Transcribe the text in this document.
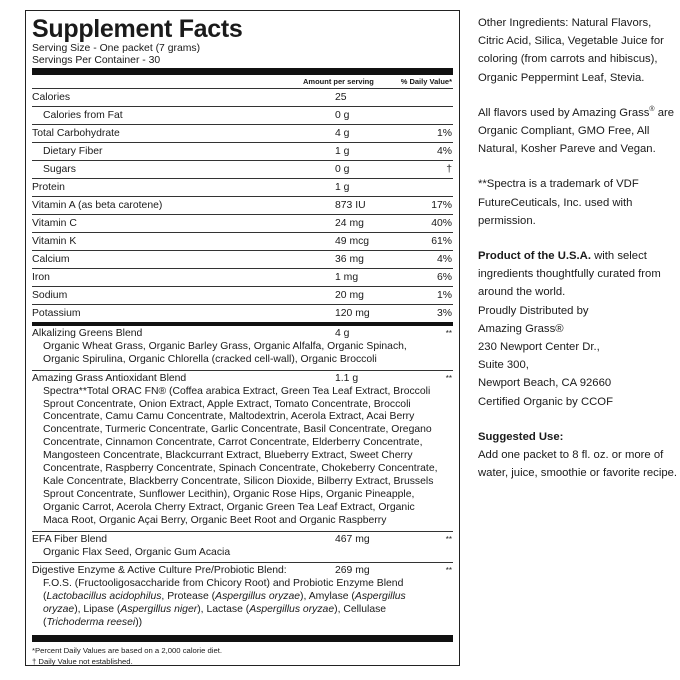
Supplement Facts
Serving Size - One packet (7 grams)
Servings Per Container - 30
Amount per serving	% Daily Value*
Calories	25
Calories from Fat	0 g
Total Carbohydrate	4 g	1%
Dietary Fiber	1 g	4%
Sugars	0 g	†
Protein	1 g
Vitamin A (as beta carotene)	873 IU	17%
Vitamin C	24 mg	40%
Vitamin K	49 mcg	61%
Calcium	36 mg	4%
Iron	1 mg	6%
Sodium	20 mg	1%
Potassium	120 mg	3%
Alkalizing Greens Blend	4 g	**
Organic Wheat Grass, Organic Barley Grass, Organic Alfalfa, Organic Spinach,
Organic Spirulina, Organic Chlorella (cracked cell-wall), Organic Broccoli
Amazing Grass Antioxidant Blend	1.1 g	**
Spectra**Total ORAC FN® (Coffea arabica Extract, Green Tea Leaf Extract, Broccoli
Sprout Concentrate, Onion Extract, Apple Extract, Tomato Concentrate, Broccoli
Concentrate, Camu Camu Concentrate, Maltodextrin, Acerola Extract, Acai Berry
Concentrate, Turmeric Concentrate, Garlic Concentrate, Basil Concentrate, Oregano
Concentrate, Cinnamon Concentrate, Carrot Concentrate, Elderberry Concentrate,
Mangosteen Concentrate, Blackcurrant Extract, Blueberry Extract, Sweet Cherry
Concentrate, Raspberry Concentrate, Spinach Concentrate, Chokeberry Concentrate,
Kale Concentrate, Blackberry Concentrate, Silicon Dioxide, Bilberry Extract, Brussels
Sprout Concentrate, Sunflower Lecithin), Organic Rose Hips, Organic Pineapple,
Organic Carrot, Acerola Cherry Extract, Organic Green Tea Leaf Extract, Organic
Maca Root, Organic Açai Berry, Organic Beet Root and Organic Raspberry
EFA Fiber Blend	467 mg	**
Organic Flax Seed, Organic Gum Acacia
Digestive Enzyme & Active Culture Pre/Probiotic Blend:	269 mg	**
F.O.S. (Fructooligosaccharide from Chicory Root) and Probiotic Enzyme Blend
(Lactobacillus acidophilus, Protease (Aspergillus oryzae), Amylase (Aspergillus
oryzae), Lipase (Aspergillus niger), Lactase (Aspergillus oryzae), Cellulase
(Trichoderma reesei))
*Percent Daily Values are based on a 2,000 calorie diet.
† Daily Value not established.

Other Ingredients: Natural Flavors, Citric Acid, Silica, Vegetable Juice for coloring (from carrots and hibiscus), Organic Peppermint Leaf, Stevia.

All flavors used by Amazing Grass® are Organic Compliant, GMO Free, All Natural, Kosher Pareve and Vegan.

**Spectra is a trademark of VDF FutureCeuticals, Inc. used with permission.

Product of the U.S.A. with select ingredients thoughtfully curated from around the world.

Proudly Distributed by
Amazing Grass®
230 Newport Center Dr.,
Suite 300,
Newport Beach, CA 92660
Certified Organic by CCOF
Suggested Use:
Add one packet to 8 fl. oz. or more of water, juice, smoothie or favorite recipe.
